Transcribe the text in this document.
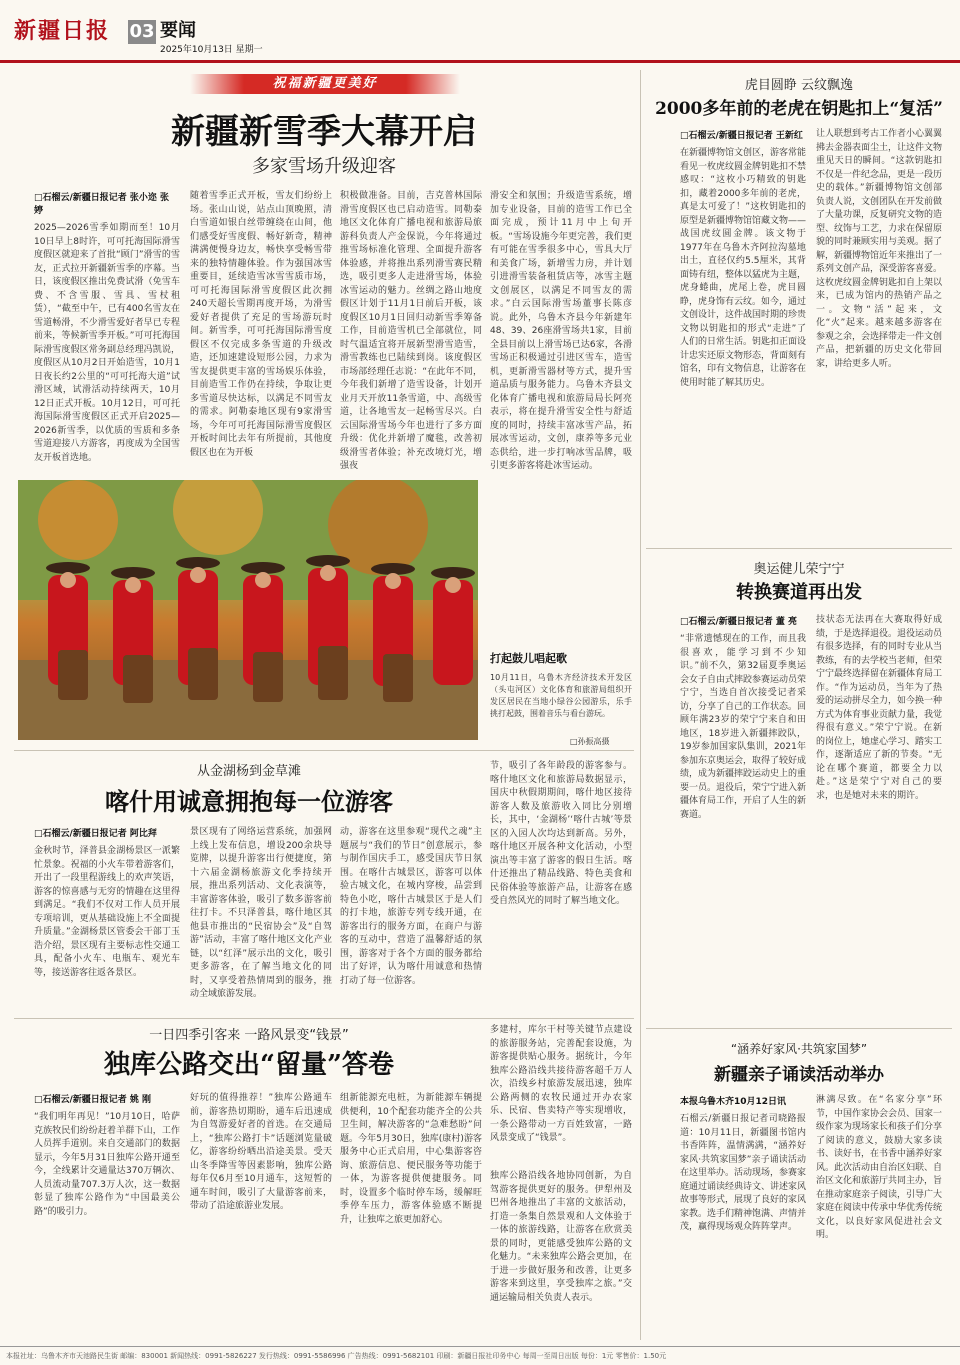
新疆日报 03 要闻
2025年10月13日 星期一
祝福新疆更美好
新疆新雪季大幕开启
多家雪场升级迎客
□石榴云/新疆日报记者 张小迩 张 婷
2025—2026雪季如期而至！10月10日早上8时许，可可托海国际滑雪度假区就迎来了首批“顾门”滑雪的雪友，正式拉开新疆新雪季的序幕。当日，该度假区推出免费试滑（免雪车费、不含雪服、雪具、雪杖租赁），“截至中午，已有400名雪友在雪道畅滑，不少滑雪爱好者早已专程前来，等候新雪季开板。”可可托海国际滑雪度假区常务副总经理冯凯说，度假区从10月2日开始造雪，10月1日夜长约2公里的“可可托海大道”试滑区域，试滑活动持续两天，10月12日正式开板。10月12日，可可托海国际滑雪度假区正式开启2025—2026新雪季，以优质的雪质和多条雪道迎接八方游客，再度成为全国雪友开板首选地。
随着雪季正式开板，雪友们纷纷上场。张山山说，站点山顶晚照，清白雪道如银白丝带缠绕在山间，他们感受好雪度假、畅好新奇，精神满满便慢身边友，畅快享受畅雪带来的独特情趣体验。作为强国冰雪重要目，延续造雪冰雪雪质市场，可可托海国际滑雪度假区此次拥240天超长雪期再度开场，为滑雪爱好者提供了充足的雪场游玩时间。新雪季，可可托海国际滑雪度假区不仅完成多条雪道的升级改造，还加速建设短形公园，力求为雪友提供更丰富的雪场娱乐体验，目前造雪工作仍在持续，争取让更多雪道尽快达标，以满足不同雪友的需求。阿勒泰地区现有9家滑雪场，今年可可托海国际滑雪度假区开板时间比去年有所提前，其他度假区也在为开板
积极做准备。目前，吉克普林国际滑雪度假区也已启动造雪。同勒泰地区文化体育广播电视和旅游局旅游科负责人产金保说，今年将通过推雪场标准化管理、全面提升游客体验感，并将推出系列滑雪赛民精选，吸引更多人走进滑雪场，体验冰雪运动的魅力。丝绸之路山地度假区计划于11月1日前后开板，该度假区10月1日回归动新雪季筹备工作，目前造雪机已全部就位，同时气温适宜将开展新型滑雪造雪，滑雪教练也已陆续到岗。该度假区市场部经理任志说：“在此年不同，今年我们新增了造雪设备，计划开业月天开放11条雪道，中、高级雪道，让各地雪友一起畅雪尽兴。白云国际滑雪场今年也进行了多方面升级：优化并新增了魔毯，改善初级滑雪者体验；补充改境灯光，增强夜
滑安全和氛围；升级造雪系统，增加专业设备，目前的造雪工作已全面完成，预计11月中上旬开板。“雪场设施今年更完善，我们更有可能在雪季很多中心，雪具大厅和美食广场，新增雪力房，并计划引进滑雪装备租赁店等，冰雪主题文创展区，以满足不同雪友的需求。”白云国际滑雪场董事长陈彦说。此外，乌鲁木齐县今年新建年48、39、26座滑雪场共1家，目前全县目前以上滑雪场已达6家，各滑雪场正积极通过引进区雪车，造雪机，更新滑雪器材等方式，提升雪道品质与服务能力。乌鲁木齐县文化体育广播电视和旅游局局长阿亮表示，将在提升滑雪安全性与舒适度的同时，持续丰富冰雪产品，拓展冰雪运动，文创，康养等多元业态供给，进一步打响冰雪品牌，吸引更多游客将赴冰雪运动。
打起鼓儿唱起歌
10月11日，乌鲁木齐经济技术开发区（头屯河区）文化体育和旅游局组织开发区居民在当地小绿谷公园游乐，乐手挑打起鼓，围着音乐与看台游玩。
□孙振高摄
从金湖杨到金草滩
喀什用诚意拥抱每一位游客
□石榴云/新疆日报记者 阿比拜
金秋时节，泽普县金湖杨景区一派繁忙景象。祝福的小火车带着游客们，开出了一段里程游线上的欢声笑语，游客的惊喜感与无穷的情趣在这里得到满足。“我们不仅对工作人员开展专项培训，更从基础设施上不全面提升质量。”金湖杨景区管委会干部丁玉浩介绍，景区现有主要标志性交通工具，配备小火车、电瓶车、观光车等，接送游客往返各景区。
景区现有了网络运营系统，加强网上线上发布信息，增设200余块导览牌，以提升游客出行便捷度，第十六届金湖杨旅游文化季持续开展，推出系列活动、文化表演等，丰富游客体验，吸引了数多游客前往打卡。不只泽普县，喀什地区其他县市推出的“民宿协会”及“自驾游”活动，丰富了喀什地区文化产业链，以“红泽”展示出的文化，吸引更多游客，在了解当地文化的同时，又享受着热情周到的服务，推动全域旅游发展。
动，游客在这里参观“现代之魂”主题展与“我们的节日”创意展示，参与制作国庆手工，感受国庆节日氛围。在喀什古城景区，游客可以体验古城文化，在城内穿梭，品尝到特色小吃，喀什古城景区于是人们的打卡地，旅游专列专线开通，在游客出行的服务方面，在商户与游客的互动中，营造了温馨舒适的氛围，游客对于各个方面的服务都给出了好评，认为喀什用诚意和热情打动了每一位游客。
节，吸引了各年龄段的游客参与。喀什地区文化和旅游局数据显示，国庆中秋假期期间，喀什地区接待游客人数及旅游收入同比分别增长，其中，‘金湖杨’‘喀什古城’等景区的入园人次均达到新高。另外，喀什地区开展各种文化活动，小型演出等丰富了游客的假日生活。喀什还推出了精品线路、特色美食和民俗体验等旅游产品，让游客在感受自然风光的同时了解当地文化。
一日四季引客来 一路风景变“钱景”
独库公路交出“留量”答卷
□石榴云/新疆日报记者 姚 刚
“我们明年再见！”10月10日，哈萨克族牧民们纷纷赶着羊群下山，工作人员挥手道别。来自交通部门的数据显示，今年5月31日独库公路开通至今，全线累计交通量达370万辆次、人员流动量707.3万人次，这一数据彰显了独库公路作为“中国最美公路”的吸引力。
好玩的值得推荐！”独库公路通车前，游客热切期盼，通车后迅速成为自驾游爱好者的首选。在交通局上，“独库公路打卡”话题浏览量破亿，游客纷纷晒出沿途美景。受天山冬季降雪等因素影响，独库公路每年仅6月至10月通车，这短暂的通车时间，吸引了大量游客前来，带动了沿途旅游业发展。
组新能源充电桩，为新能源车辆提供便利，10个配套功能齐全的公共卫生间，解决游客的“急难愁盼”问题。今年5月30日，独库(康村)游客服务中心正式启用，中心集游客咨询、旅游信息、便民服务等功能于一体，为游客提供便捷服务。同时，设置多个临时停车场，缓解旺季停车压力，游客体验感不断提升，让独库之旅更加舒心。
多建村，库尔干村等关键节点建设的旅游服务站，完善配套设施，为游客提供贴心服务。据统计，今年独库公路沿线共接待游客超千万人次，沿线乡村旅游发展迅速，独库公路两侧的农牧民通过开办农家乐、民宿、售卖特产等实现增收，一条公路带动一方百姓致富，一路风景变成了“钱景”。
独库公路沿线各地协同创新，为自驾游客提供更好的服务。伊犁州及巴州各地推出了丰富的文旅活动，打造一条集自然景观和人文体验于一体的旅游线路，让游客在欣赏美景的同时，更能感受独库公路的文化魅力。“未来独库公路会更加，在于进一步做好服务和改善，让更多游客来到这里，享受独库之旅。”交通运输局相关负责人表示。
虎目圆睁 云纹飘逸
2000多年前的老虎在钥匙扣上“复活”
□石榴云/新疆日报记者 王新红
在新疆博物馆文创区，游客常能看见一枚虎纹圆金牌钥匙扣不禁感叹：“这枚小巧精致的钥匙扣，藏着2000多年前的老虎，真是太可爱了！”这枚钥匙扣的原型是新疆博物馆馆藏文物——战国虎纹圆金牌。该文物于1977年在乌鲁木齐阿拉沟墓地出土，直径仅约5.5厘米，其背面铸有纽，整体以猛虎为主题，虎身蜷曲，虎尾上卷，虎目圆睁，虎身饰有云纹。如今，通过文创设计，这件战国时期的珍贵文物以钥匙扣的形式“走进”了人们的日常生活。钥匙扣正面设计忠实还原文物形态，背面刻有馆名，印有文物信息，让游客在使用时能了解其历史。
让人联想到考古工作者小心翼翼拂去金器表面尘土，让这件文物重见天日的瞬间。“这款钥匙扣不仅是一件纪念品，更是一段历史的载体。”新疆博物馆文创部负责人说，文创团队在开发前做了大量功课，反复研究文物的造型、纹饰与工艺，力求在保留原貌的同时兼顾实用与美观。据了解，新疆博物馆近年来推出了一系列文创产品，深受游客喜爱。这枚虎纹圆金牌钥匙扣自上架以来，已成为馆内的热销产品之一。文物“活”起来，文化“火”起来。越来越多游客在参观之余，会选择带走一件文创产品，把新疆的历史文化带回家，讲给更多人听。
奥运健儿荣宁宁
转换赛道再出发
□石榴云/新疆日报记者 董 亮
“非常遗憾现在的工作，而且我很喜欢，能学习到不少知识。”前不久，第32届夏季奥运会女子自由式摔跤参赛运动员荣宁宁，当选自首次接受记者采访，分享了自己的工作状态。回顾年满23岁的荣宁宁来自和田地区，18岁进入新疆摔跤队，19岁参加国家队集训，2021年参加东京奥运会，取得了较好成绩，成为新疆摔跤运动史上的重要一员。退役后，荣宁宁进入新疆体育局工作，开启了人生的新赛道。
技状态无法再在大赛取得好成绩，于是选择退役。退役运动员有很多选择，有的同时专业从当教练，有的去学校当老师，但荣宁宁最终选择留在新疆体育局工作。“作为运动员，当年为了热爱的运动拼尽全力，如今换一种方式为体育事业贡献力量，我觉得很有意义。”荣宁宁说。在新的岗位上，她虚心学习、踏实工作，逐渐适应了新的节奏。“无论在哪个赛道，都要全力以赴。”这是荣宁宁对自己的要求，也是她对未来的期许。
“涵养好家风·共筑家国梦”
新疆亲子诵读活动举办
本报乌鲁木齐10月12日讯
石榴云/新疆日报记者司晓路报道：10月11日，新疆图书馆内书香阵阵，温情满满，“涵养好家风·共筑家国梦”亲子诵读活动在这里举办。活动现场，参赛家庭通过诵读经典诗文、讲述家风故事等形式，展现了良好的家风家教。选手们精神饱满、声情并茂，赢得现场观众阵阵掌声。
淋漓尽致。在“名家分享”环节，中国作家协会会员、国家一级作家为现场家长和孩子们分享了阅读的意义，鼓励大家多读书、读好书，在书香中涵养好家风。此次活动由自治区妇联、自治区文化和旅游厅共同主办，旨在推动家庭亲子阅读，引导广大家庭在阅读中传承中华优秀传统文化，以良好家风促进社会文明。
本报社址：乌鲁木齐市天池路民生街 邮编：830001 新闻热线：0991-5826227 发行热线：0991-5586996 广告热线：0991-5682101 印刷：新疆日报社印务中心 每周一至周日出版 每份：1元 零售价：1.50元
